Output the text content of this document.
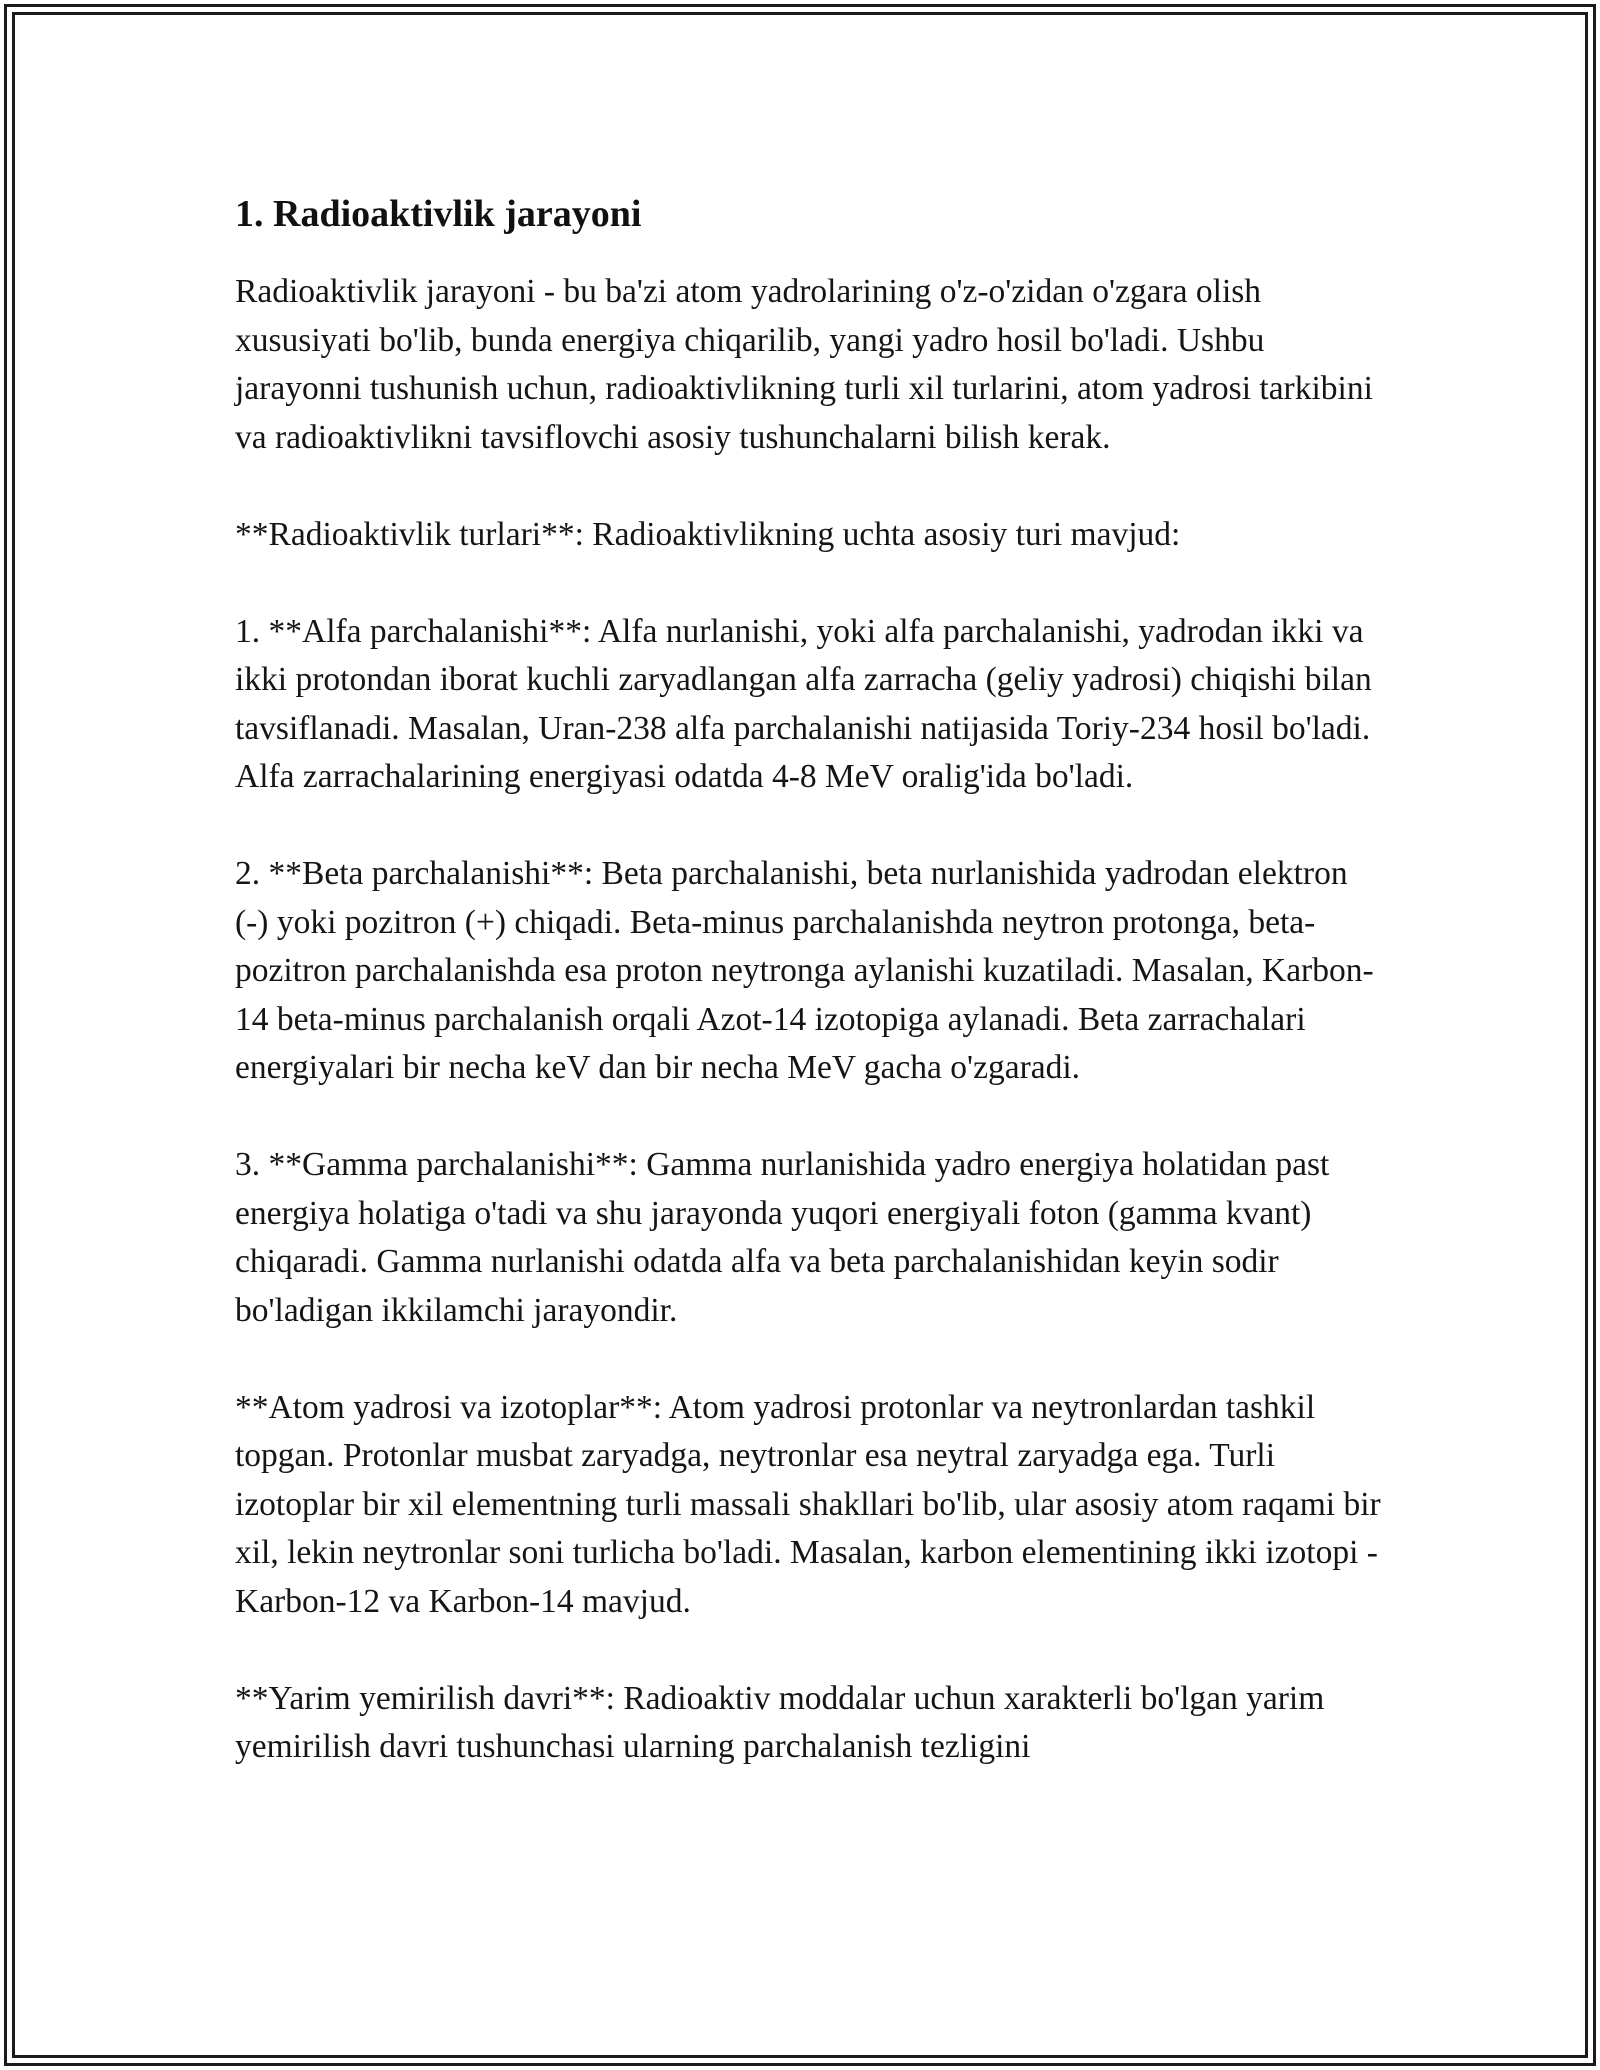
1. Radioaktivlik jarayoni

Radioaktivlik jarayoni - bu ba'zi atom yadrolarining o'z-o'zidan o'zgara olish xususiyati bo'lib, bunda energiya chiqarilib, yangi yadro hosil bo'ladi. Ushbu jarayonni tushunish uchun, radioaktivlikning turli xil turlarini, atom yadrosi tarkibini va radioaktivlikni tavsiflovchi asosiy tushunchalarni bilish kerak.

**Radioaktivlik turlari**: Radioaktivlikning uchta asosiy turi mavjud:

1. **Alfa parchalanishi**: Alfa nurlanishi, yoki alfa parchalanishi, yadrodan ikki va ikki protondan iborat kuchli zaryadlangan alfa zarracha (geliy yadrosi) chiqishi bilan tavsiflanadi. Masalan, Uran-238 alfa parchalanishi natijasida Toriy-234 hosil bo'ladi. Alfa zarrachalarining energiyasi odatda 4-8 MeV oralig'ida bo'ladi.

2. **Beta parchalanishi**: Beta parchalanishi, beta nurlanishida yadrodan elektron (-) yoki pozitron (+) chiqadi. Beta-minus parchalanishda neytron protonga, beta-pozitron parchalanishda esa proton neytronga aylanishi kuzatiladi. Masalan, Karbon-14 beta-minus parchalanish orqali Azot-14 izotopiga aylanadi. Beta zarrachalari energiyalari bir necha keV dan bir necha MeV gacha o'zgaradi.

3. **Gamma parchalanishi**: Gamma nurlanishida yadro energiya holatidan past energiya holatiga o'tadi va shu jarayonda yuqori energiyali foton (gamma kvant) chiqaradi. Gamma nurlanishi odatda alfa va beta parchalanishidan keyin sodir bo'ladigan ikkilamchi jarayondir.

**Atom yadrosi va izotoplar**: Atom yadrosi protonlar va neytronlardan tashkil topgan. Protonlar musbat zaryadga, neytronlar esa neytral zaryadga ega. Turli izotoplar bir xil elementning turli massali shakllari bo'lib, ular asosiy atom raqami bir xil, lekin neytronlar soni turlicha bo'ladi. Masalan, karbon elementining ikki izotopi - Karbon-12 va Karbon-14 mavjud.

**Yarim yemirilish davri**: Radioaktiv moddalar uchun xarakterli bo'lgan yarim yemirilish davri tushunchasi ularning parchalanish tezligini
